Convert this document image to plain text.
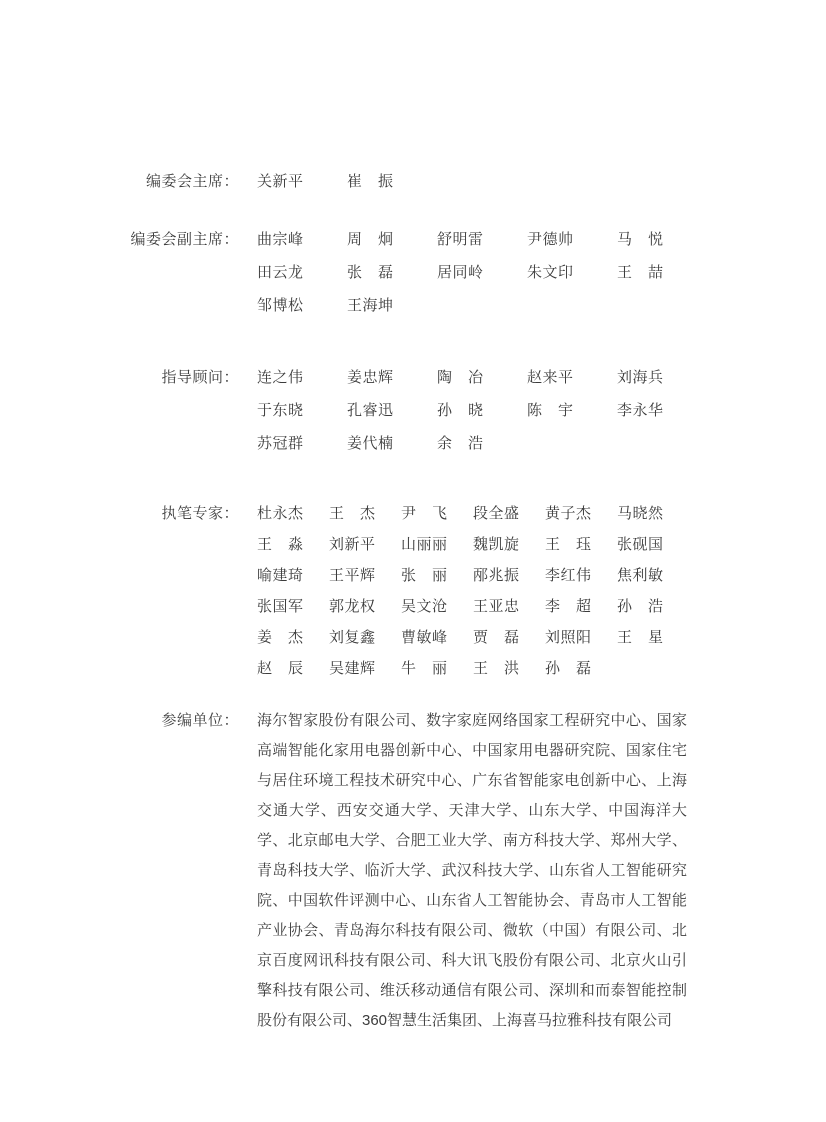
编委会主席： 关新平	崔　振
编委会副主席： 曲宗峰	周　炯	舒明雷	尹德帅	马　悦
田云龙	张　磊	居同岭	朱文印	王　喆
邹博松	王海坤
指导顾问： 连之伟	姜忠辉	陶　冶	赵来平	刘海兵
于东晓	孔睿迅	孙　晓	陈　宇	李永华
苏冠群	姜代楠	余　浩
执笔专家： 杜永杰	王　杰	尹　飞	段全盛	黄子杰	马晓然
王　淼	刘新平	山丽丽	魏凯旋	王　珏	张砚国
喻建琦	王平辉	张　丽	邴兆振	李红伟	焦利敏
张国军	郭龙权	吴文沧	王亚忠	李　超	孙　浩
姜　杰	刘复鑫	曹敏峰	贾　磊	刘照阳	王　星
赵　辰	吴建辉	牛　丽	王　洪	孙　磊
参编单位： 海尔智家股份有限公司、数字家庭网络国家工程研究中心、国家
高端智能化家用电器创新中心、中国家用电器研究院、国家住宅
与居住环境工程技术研究中心、广东省智能家电创新中心、上海
交通大学、西安交通大学、天津大学、山东大学、中国海洋大
学、北京邮电大学、合肥工业大学、南方科技大学、郑州大学、
青岛科技大学、临沂大学、武汉科技大学、山东省人工智能研究
院、中国软件评测中心、山东省人工智能协会、青岛市人工智能
产业协会、青岛海尔科技有限公司、微软（中国）有限公司、北
京百度网讯科技有限公司、科大讯飞股份有限公司、北京火山引
擎科技有限公司、维沃移动通信有限公司、深圳和而泰智能控制
股份有限公司、360智慧生活集团、上海喜马拉雅科技有限公司
